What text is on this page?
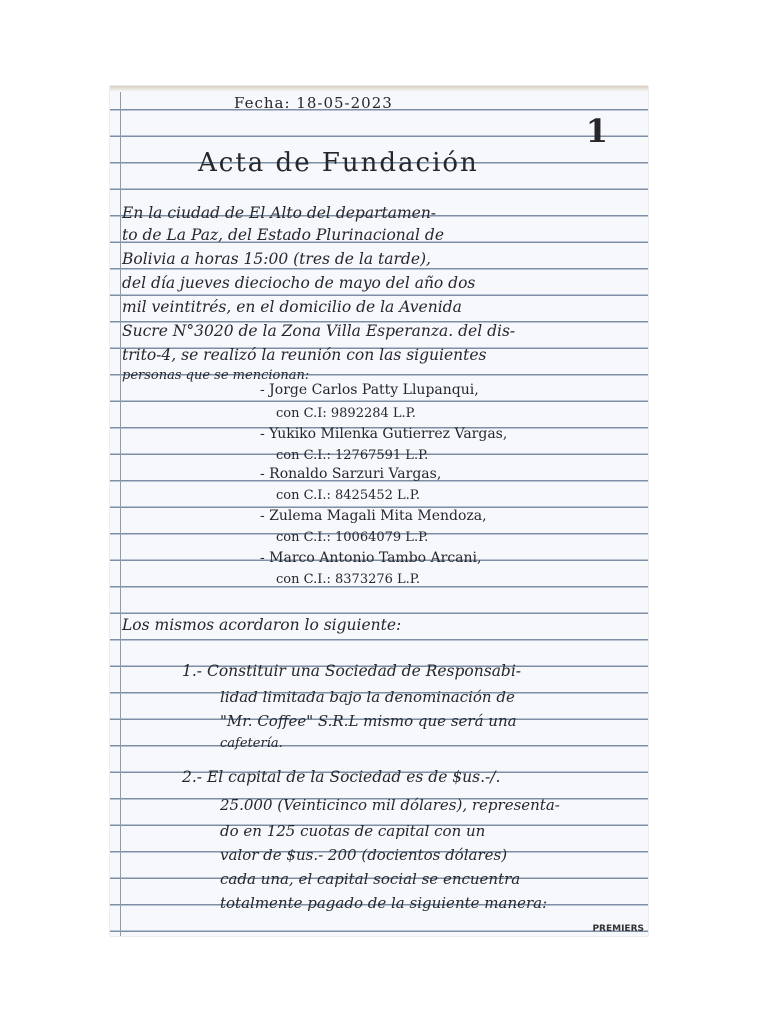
Fecha: 18-05-2023
1
Acta de Fundación
En la ciudad de El Alto del departamen-
to de La Paz, del Estado Plurinacional de
Bolivia a horas 15:00 (tres de la tarde),
del día jueves dieciocho de mayo del año dos
mil veintitrés, en el domicilio de la Avenida
Sucre N°3020 de la Zona Villa Esperanza. del dis-
trito-4, se realizó la reunión con las siguientes
personas que se mencionan:
- Jorge Carlos Patty Llupanqui,
con C.I: 9892284 L.P.
- Yukiko Milenka Gutierrez Vargas,
con C.I.: 12767591 L.P.
- Ronaldo Sarzuri Vargas,
con C.I.: 8425452 L.P.
- Zulema Magali Mita Mendoza,
con C.I.: 10064079 L.P.
- Marco Antonio Tambo Arcani,
con C.I.: 8373276 L.P.
Los mismos acordaron lo siguiente:
1.- Constituir una Sociedad de Responsabi-
lidad limitada bajo la denominación de
"Mr. Coffee" S.R.L mismo que será una
cafetería.
2.- El capital de la Sociedad es de $us.-/.
25.000 (Veinticinco mil dólares), representa-
do en 125 cuotas de capital con un
valor de $us.- 200 (docientos dólares)
cada una, el capital social se encuentra
totalmente pagado de la siguiente manera:
PREMIERS
